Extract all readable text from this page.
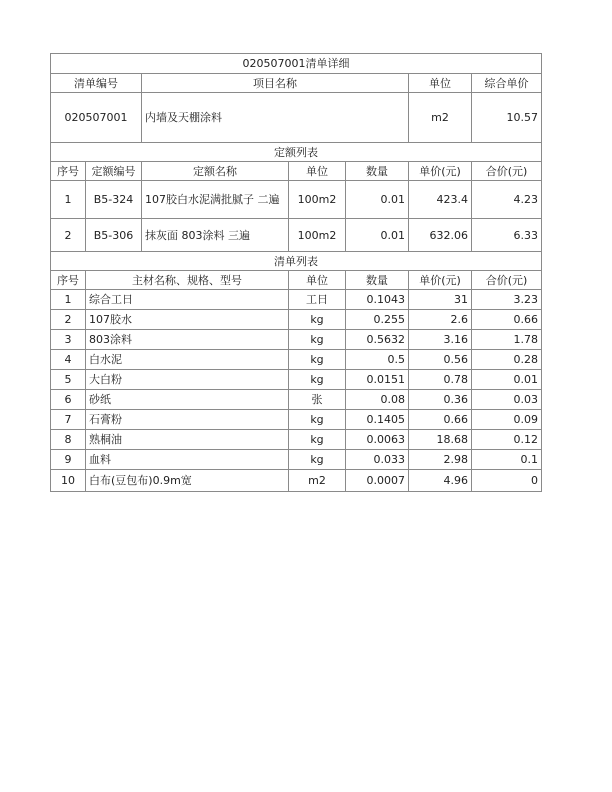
020507001清单详细						
清单编号		项目名称			单位	综合单价
020507001		内墙及天棚涂料			m2	10.57
定额列表						
序号	定额编号	定额名称	单位	数量	单价(元)	合价(元)
1	B5-324	107胶白水泥满批腻子 二遍	100m2	0.01	423.4	4.23
2	B5-306	抹灰面 803涂料 三遍	100m2	0.01	632.06	6.33
清单列表						
序号	主材名称、规格、型号		单位	数量	单价(元)	合价(元)
1	综合工日		工日	0.1043	31	3.23
2	107胶水		kg	0.255	2.6	0.66
3	803涂料		kg	0.5632	3.16	1.78
4	白水泥		kg	0.5	0.56	0.28
5	大白粉		kg	0.0151	0.78	0.01
6	砂纸		张	0.08	0.36	0.03
7	石膏粉		kg	0.1405	0.66	0.09
8	熟桐油		kg	0.0063	18.68	0.12
9	血料		kg	0.033	2.98	0.1
10	白布(豆包布)0.9m宽		m2	0.0007	4.96	0
